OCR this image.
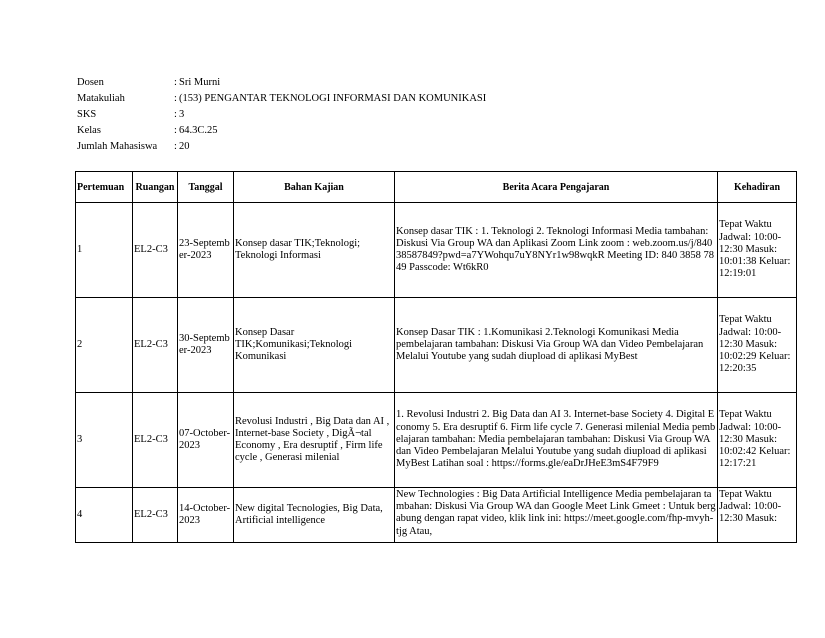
Dosen	:	Sri Murni
Matakuliah	:	(153) PENGANTAR TEKNOLOGI INFORMASI DAN KOMUNIKASI
SKS	:	3
Kelas	:	64.3C.25
Jumlah Mahasiswa	:	20
Pertemuan	Ruangan	Tanggal	Bahan Kajian	Berita Acara Pengajaran	Kehadiran
1	EL2-C3	23-September-2023	Konsep dasar TIK;Teknologi; Teknologi Informasi	Konsep dasar TIK : 1. Teknologi 2. Teknologi Informasi Media tambahan: Diskusi Via Group WA dan Aplikasi Zoom Link zoom : web.zoom.us/j/84038587849?pwd=a7YWohqu7uY8NYr1w98wqkR Meeting ID: 840 3858 7849 Passcode: Wt6kR0	Tepat Waktu Jadwal: 10:00-12:30 Masuk: 10:01:38 Keluar: 12:19:01
2	EL2-C3	30-September-2023	Konsep Dasar TIK;Komunikasi;Teknologi Komunikasi	Konsep Dasar TIK : 1.Komunikasi 2.Teknologi Komunikasi Media pembelajaran tambahan: Diskusi Via Group WA dan Video Pembelajaran Melalui Youtube yang sudah diupload di aplikasi MyBest	Tepat Waktu Jadwal: 10:00-12:30 Masuk: 10:02:29 Keluar: 12:20:35
3	EL2-C3	07-October-2023	Revolusi Industri , Big Data dan AI , Internet-base Society , DigÃ¬tal Economy , Era desruptif , Firm life cycle , Generasi milenial	1. Revolusi Industri 2. Big Data dan AI 3. Internet-base Society 4. Digital Economy 5. Era desruptif 6. Firm life cycle 7. Generasi milenial Media pembelajaran tambahan: Media pembelajaran tambahan: Diskusi Via Group WA dan Video Pembelajaran Melalui Youtube yang sudah diupload di aplikasi MyBest Latihan soal : https://forms.gle/eaDrJHeE3mS4F79F9	Tepat Waktu Jadwal: 10:00-12:30 Masuk: 10:02:42 Keluar: 12:17:21
4	EL2-C3	14-October-2023	New digital Tecnologies, Big Data, Artificial intelligence	New Technologies : Big Data Artificial Intelligence Media pembelajaran tambahan: Diskusi Via Group WA dan Google Meet Link Gmeet : Untuk bergabung dengan rapat video, klik link ini: https://meet.google.com/fhp-mvyh-tjg Atau,	Tepat Waktu Jadwal: 10:00-12:30 Masuk:
